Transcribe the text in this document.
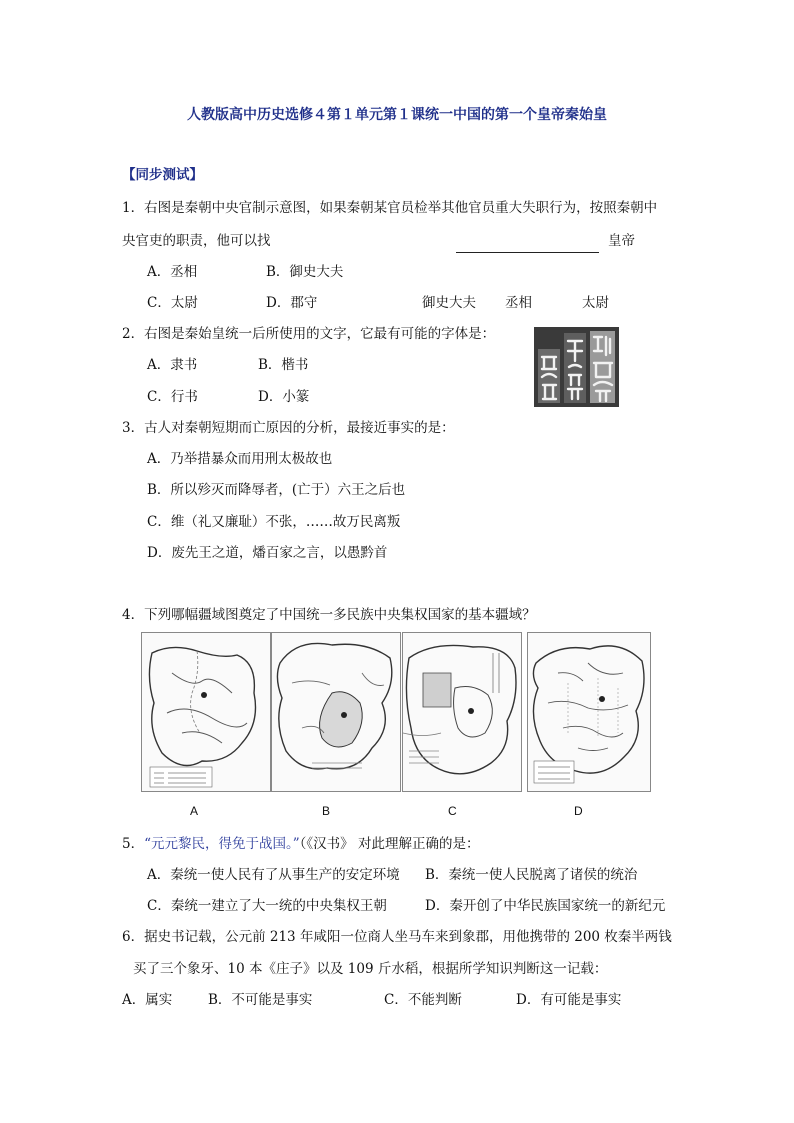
人教版高中历史选修４第１单元第１课统一中国的第一个皇帝秦始皇
【同步测试】
1．右图是秦朝中央官制示意图，如果秦朝某官员检举其他官员重大失职行为，按照秦朝中
央官吏的职责，他可以找	皇帝
A．丞相	B．御史大夫
C．太尉	D．郡守	御史大夫 丞相	太尉
2．右图是秦始皇统一后所使用的文字，它最有可能的字体是：
A．隶书	B．楷书
C．行书	D．小篆
3．古人对秦朝短期而亡原因的分析，最接近事实的是：
A．乃举措暴众而用刑太极故也
B．所以殄灭而降辱者，(亡于）六王之后也
C．维（礼又廉耻）不张，……故万民离叛
D．废先王之道，燔百家之言，以愚黔首
4．下列哪幅疆域图奠定了中国统一多民族中央集权国家的基本疆域？
A	B	C	D
5．“元元黎民，得免于战国。”（《汉书》 对此理解正确的是：
A．秦统一使人民有了从事生产的安定环境 B．秦统一使人民脱离了诸侯的统治
C．秦统一建立了大一统的中央集权王朝	D．秦开创了中华民族国家统一的新纪元
6．据史书记载，公元前 213 年咸阳一位商人坐马车来到象郡，用他携带的 200 枚秦半两钱
买了三个象牙、10 本《庄子》以及 109 斤水稻，根据所学知识判断这一记载：
A．属实	B．不可能是事实	C．不能判断	D．有可能是事实
